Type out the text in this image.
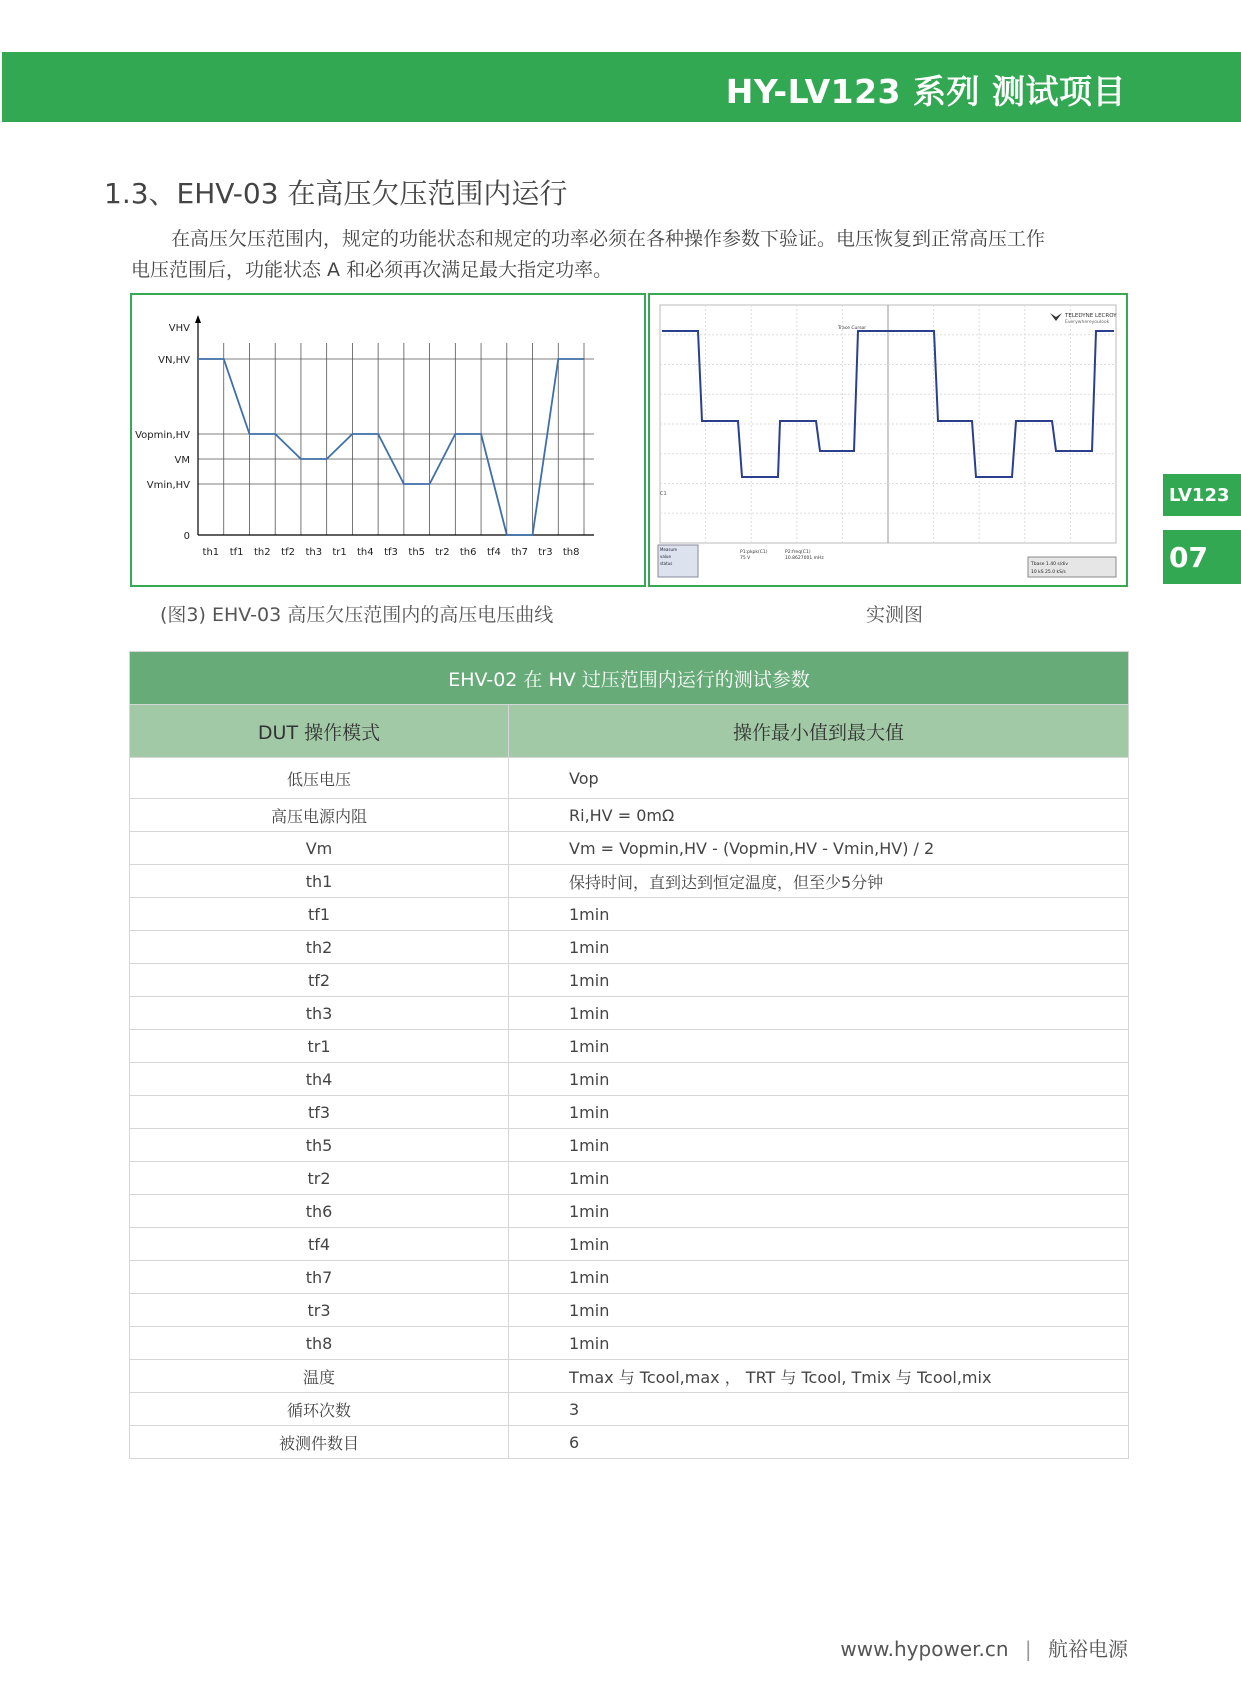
HY-LV123 系列 测试项目
LV123
07
1.3、EHV-03 在高压欠压范围内运行
在高压欠压范围内，规定的功能状态和规定的功率必须在各种操作参数下验证。电压恢复到正常高压工作电压范围后，功能状态 A 和必须再次满足最大指定功率。
VHV
VN,HV
Vopmin,HV
VM
Vmin,HV
0
th1 tf1 th2 tf2 th3 tr1 th4 tf3 th5 tr2 th6 tf4 th7 tr3 th8
TELEDYNE LECROY
Everywhereyoulook
Trace Cursor
C1
Measure
value
status
P1:pkpk(C1)
75 V
P2:freq(C1)
10.8627001 mHz
Tbase 1.40 s/div
10 kS 25.0 kS/s
(图3) EHV-03 高压欠压范围内的高压电压曲线	实测图
EHV-02 在 HV 过压范围内运行的测试参数	
DUT 操作模式	操作最小值到最大值
低压电压	Vop
高压电源内阻	Ri,HV = 0mΩ
Vm	Vm = Vopmin,HV - (Vopmin,HV - Vmin,HV) / 2
th1	保持时间，直到达到恒定温度，但至少5分钟
tf1	1min
th2	1min
tf2	1min
th3	1min
tr1	1min
th4	1min
tf3	1min
th5	1min
tr2	1min
th6	1min
tf4	1min
th7	1min
tr3	1min
th8	1min
温度	Tmax 与 Tcool,max ， TRT 与 Tcool, Tmix 与 Tcool,mix
循环次数	3
被测件数目	6
www.hypower.cn | 航裕电源
